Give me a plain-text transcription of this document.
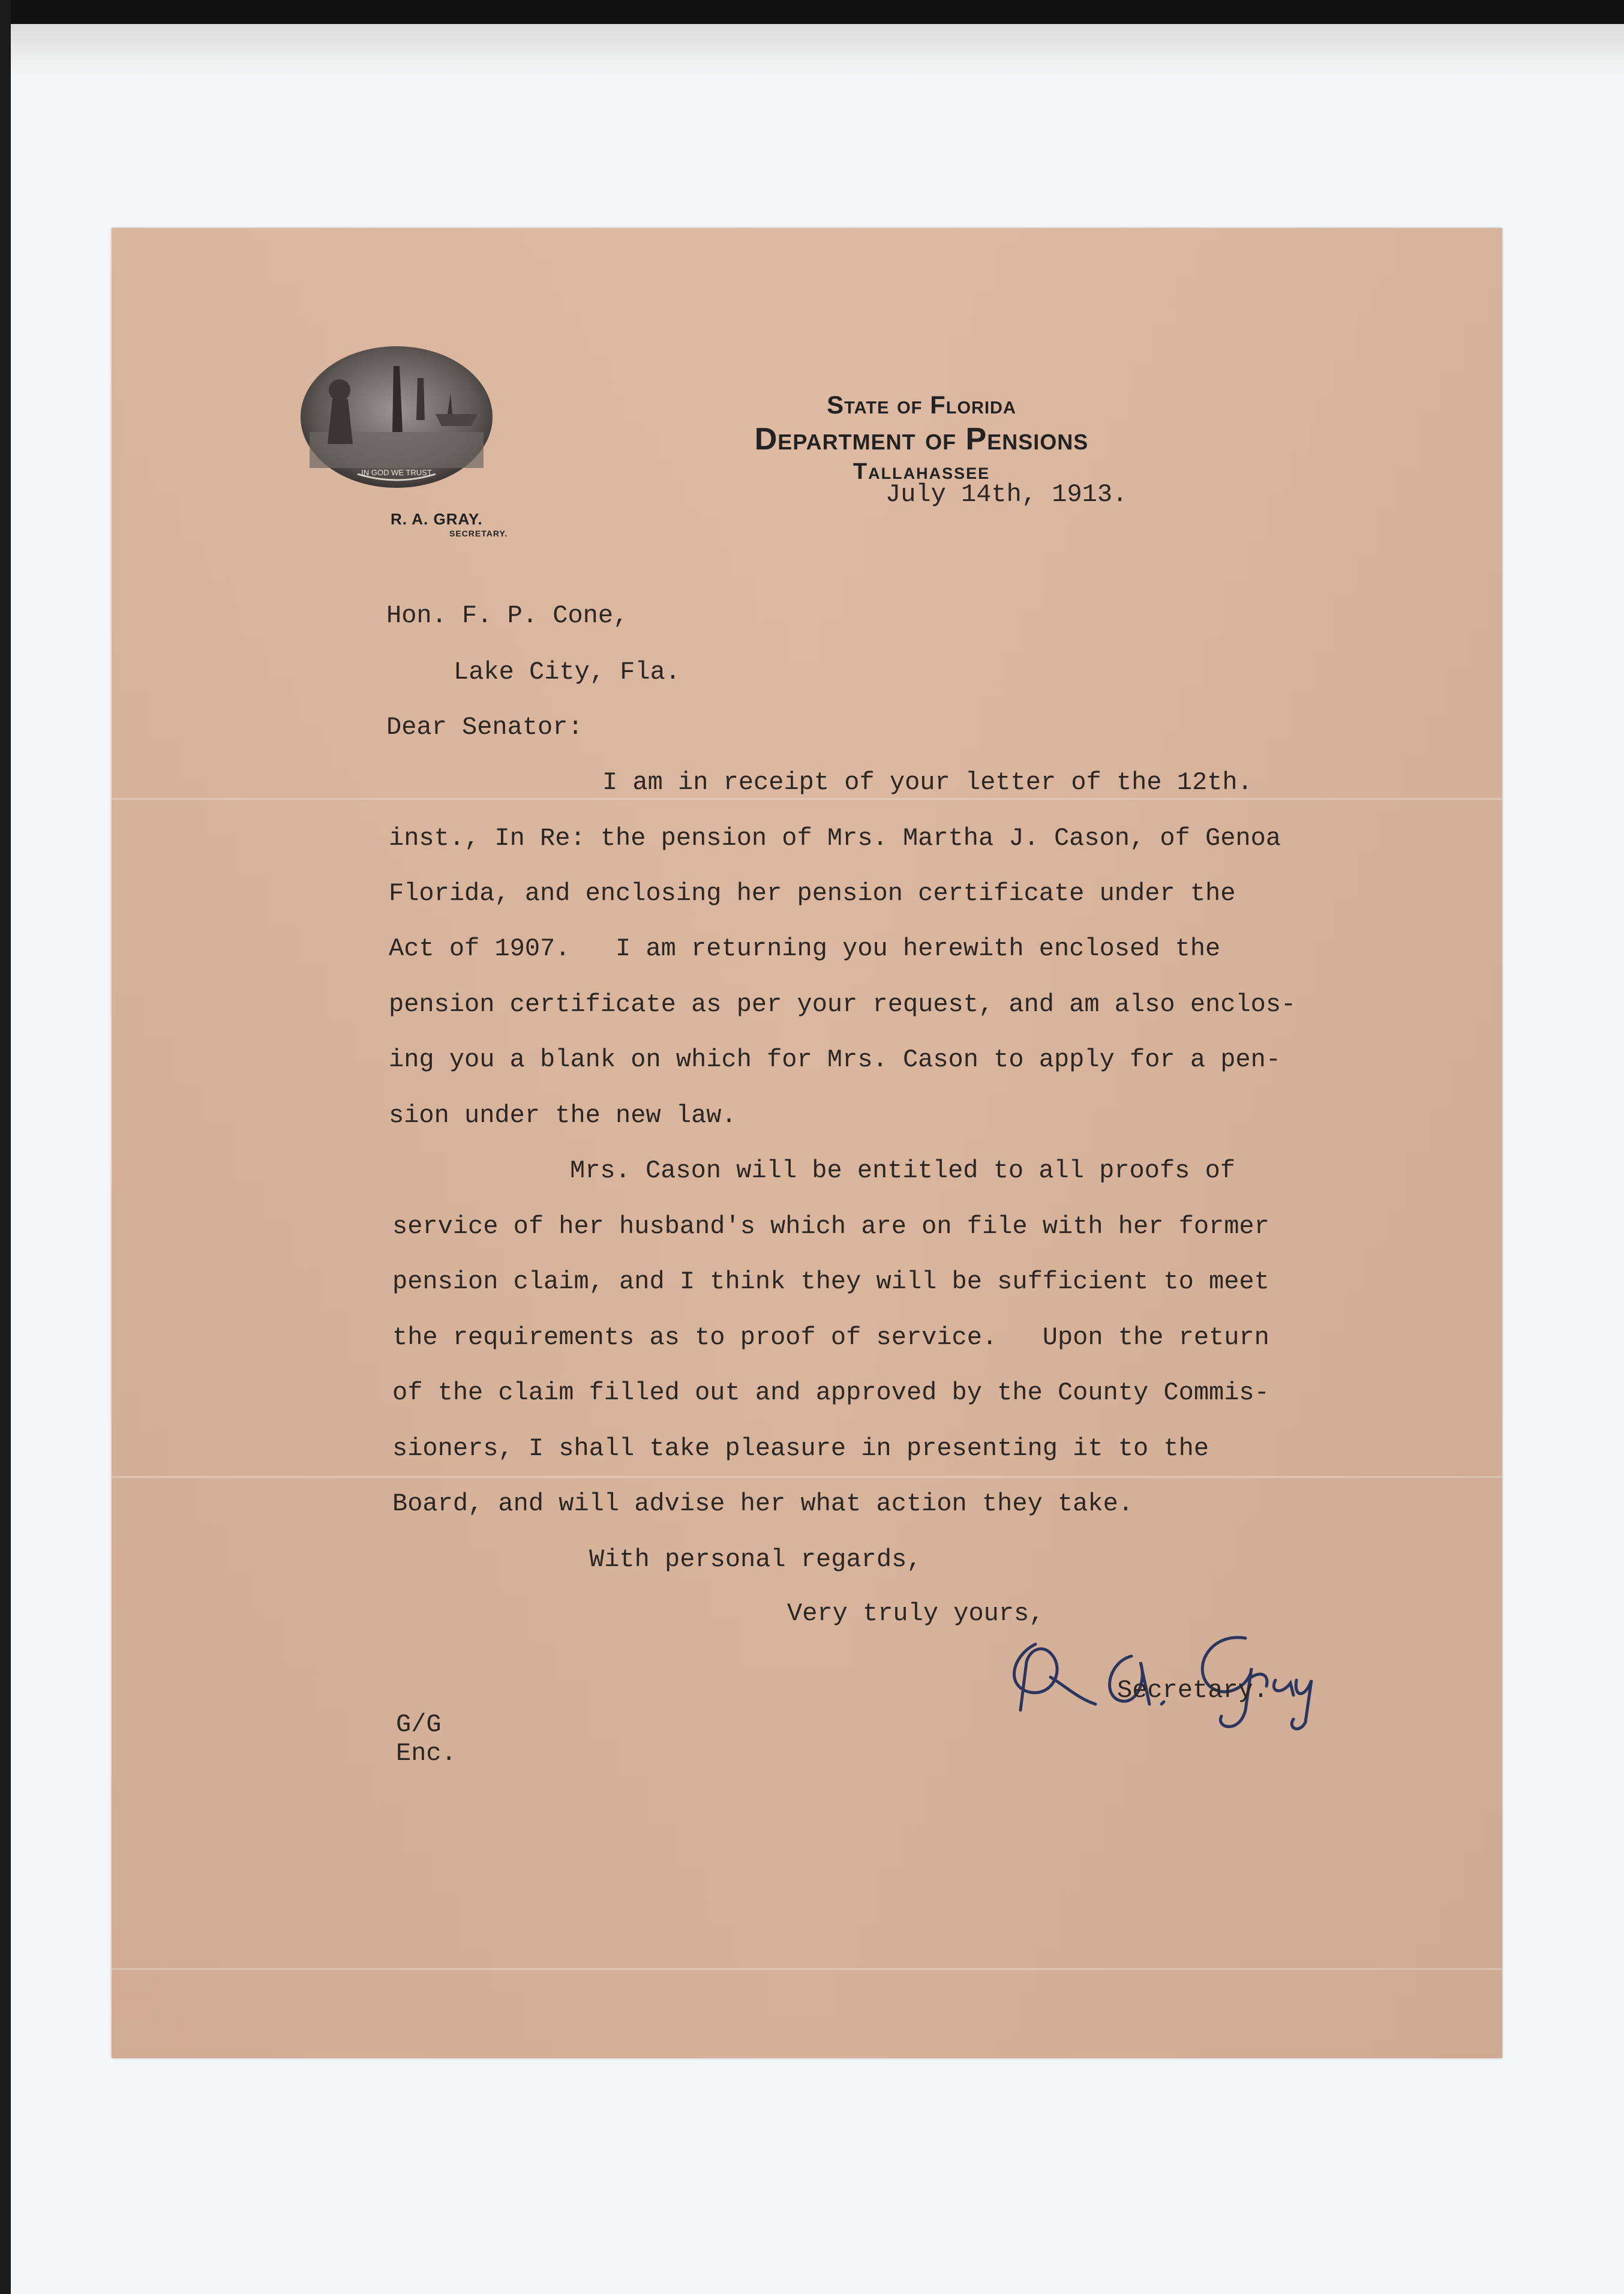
IN GOD WE TRUST
State of Florida
Department of Pensions
Tallahassee
July 14th, 1913.
R. A. GRAY.
SECRETARY.
Hon. F. P. Cone,
Lake City, Fla.
Dear Senator:
I am in receipt of your letter of the 12th.
inst., In Re: the pension of Mrs. Martha J. Cason, of Genoa
Florida, and enclosing her pension certificate under the
Act of 1907.   I am returning you herewith enclosed the
pension certificate as per your request, and am also enclos-
ing you a blank on which for Mrs. Cason to apply for a pen-
sion under the new law.
Mrs. Cason will be entitled to all proofs of
service of her husband's which are on file with her former
pension claim, and I think they will be sufficient to meet
the requirements as to proof of service.   Upon the return
of the claim filled out and approved by the County Commis-
sioners, I shall take pleasure in presenting it to the
Board, and will advise her what action they take.
With personal regards,
Very truly yours,
Secretary.
G/G
Enc.
